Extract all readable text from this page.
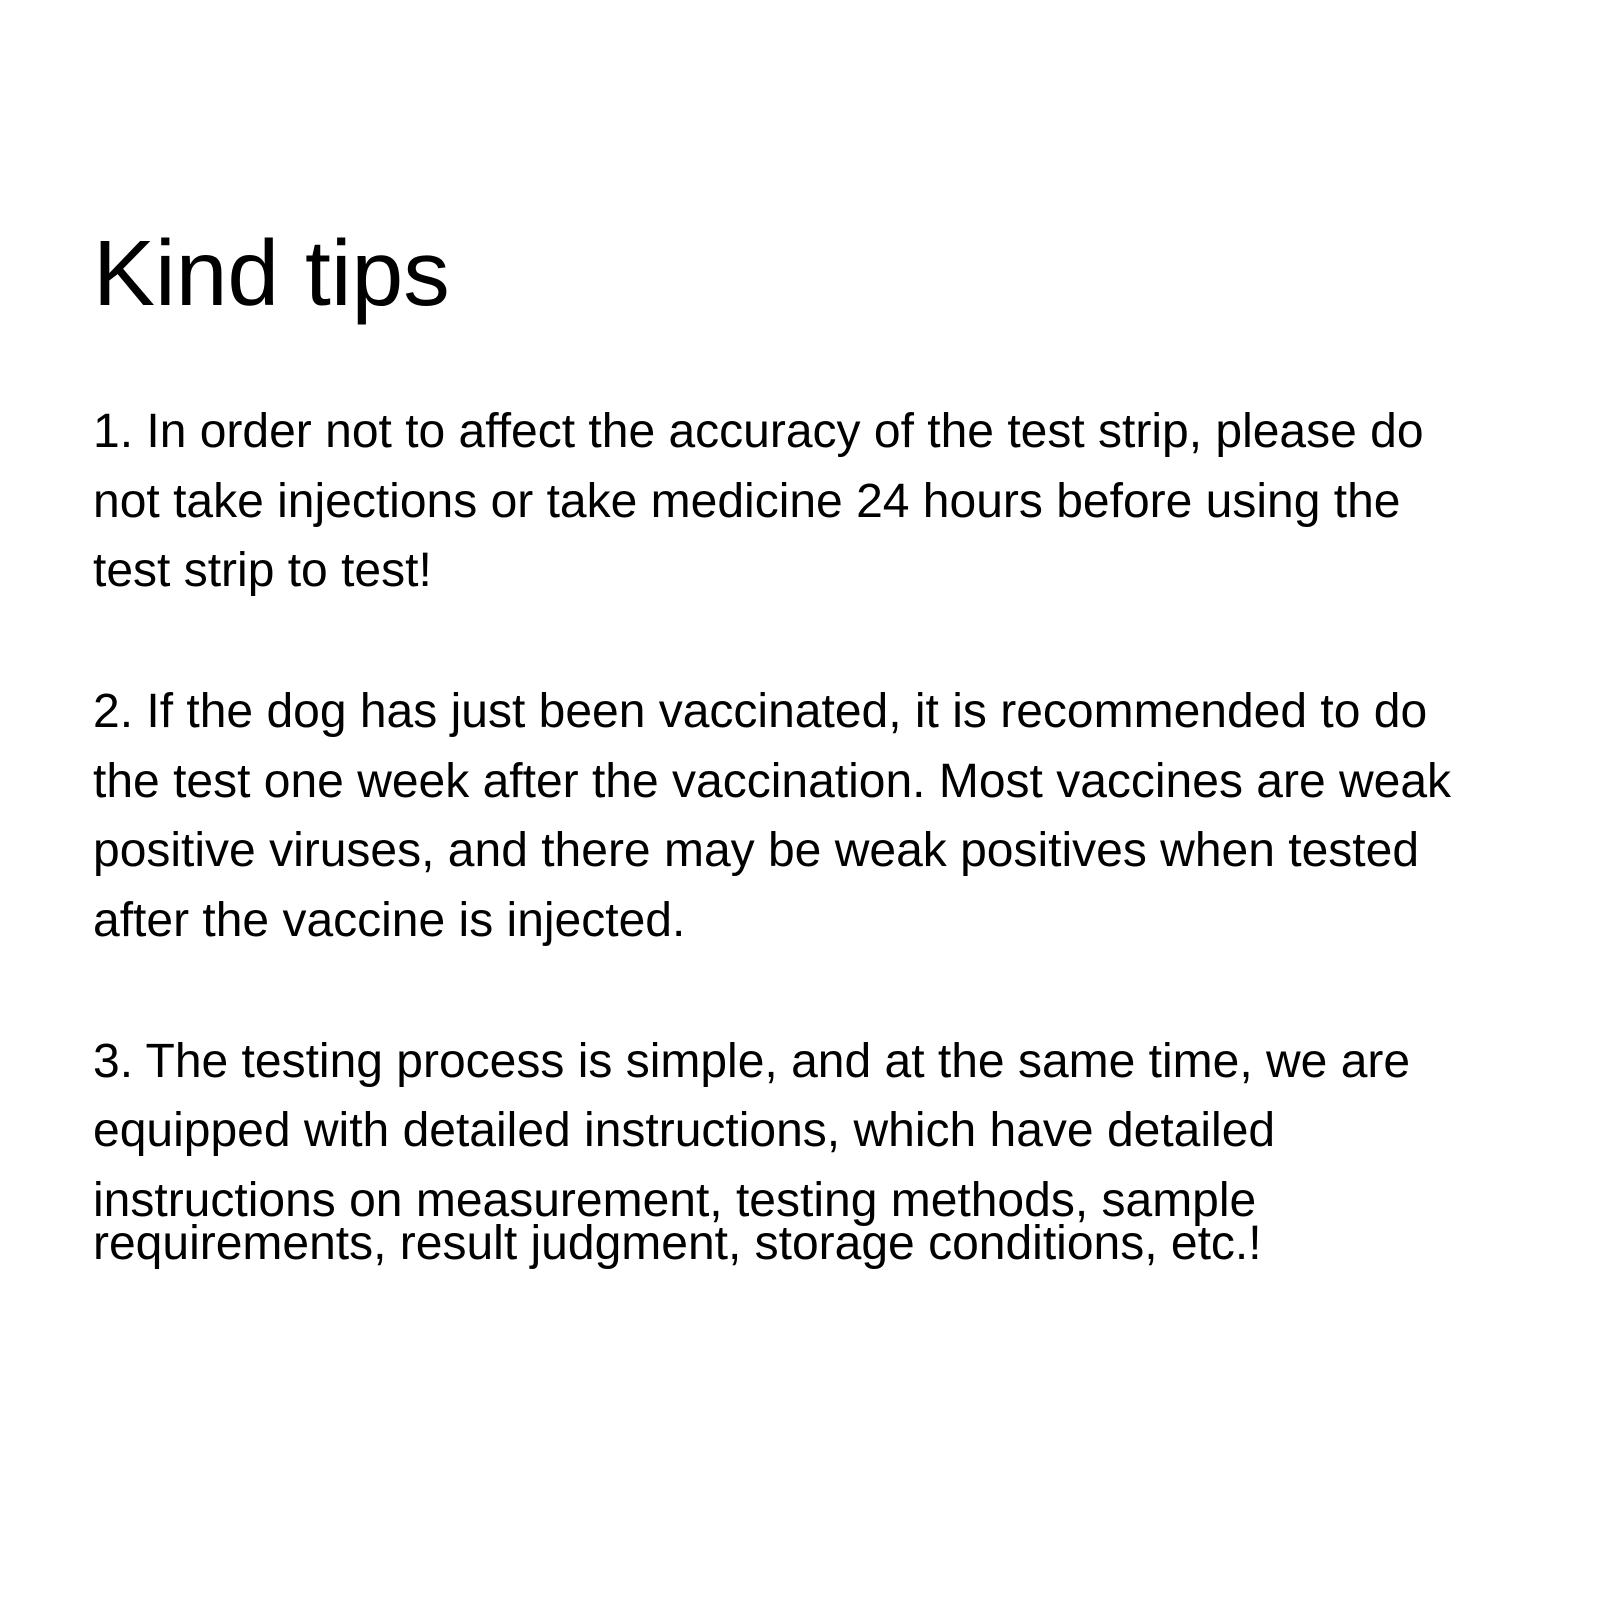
Kind tips

1. In order not to affect the accuracy of the test strip, please do

not take injections or take medicine 24 hours before using the

test strip to test!

2. If the dog has just been vaccinated, it is recommended to do

the test one week after the vaccination. Most vaccines are weak

positive viruses, and there may be weak positives when tested

after the vaccine is injected.

3. The testing process is simple, and at the same time, we are

equipped with detailed instructions, which have detailed

instructions on measurement, testing methods, sample

requirements, result judgment, storage conditions, etc.!
